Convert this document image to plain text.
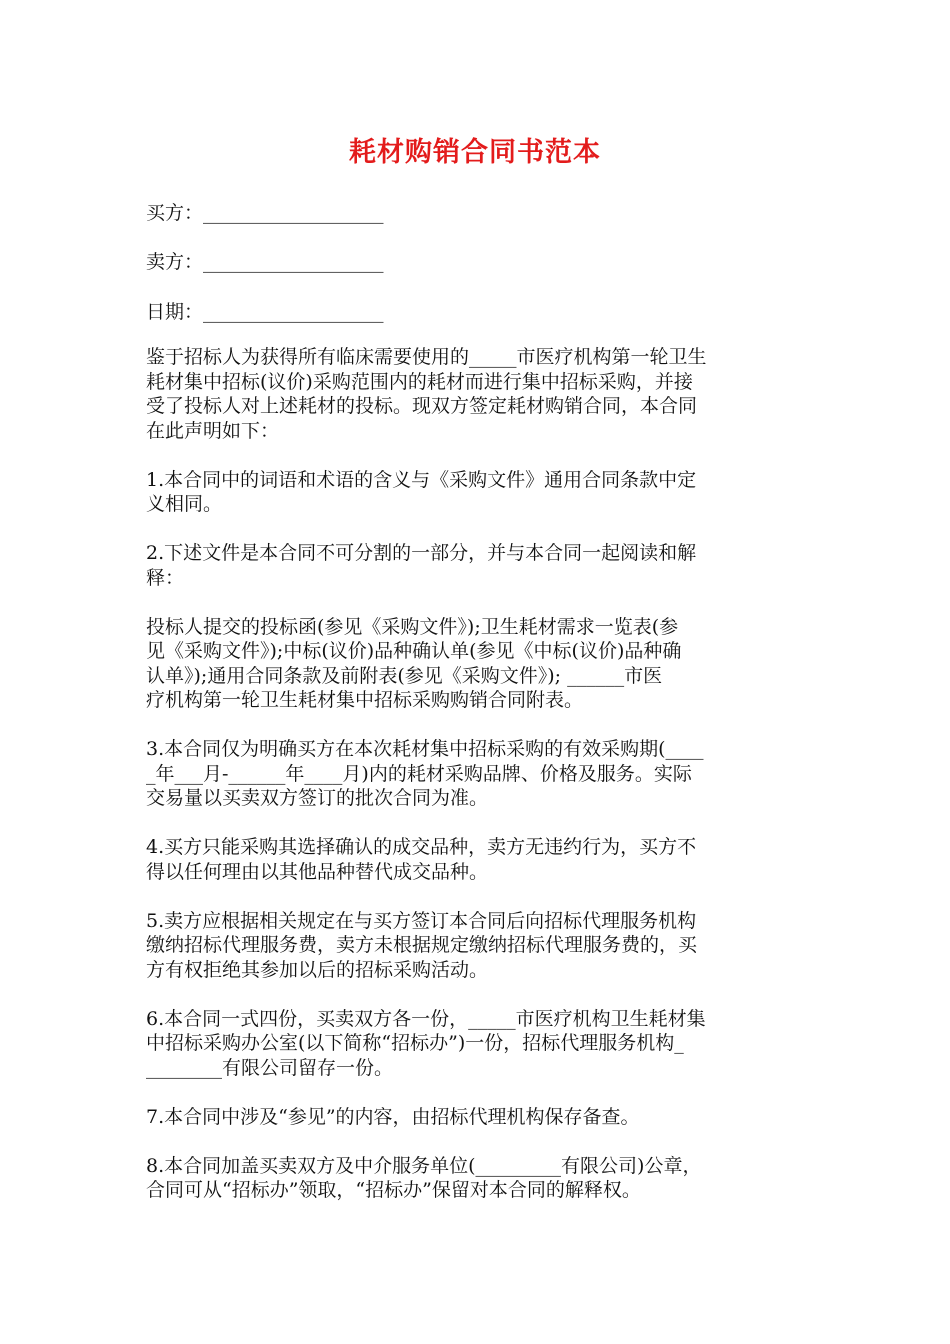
耗材购销合同书范本
买方：___________________
卖方：___________________
日期：___________________

鉴于招标人为获得所有临床需要使用的_____市医疗机构第一轮卫生
耗材集中招标(议价)采购范围内的耗材而进行集中招标采购，并接
受了投标人对上述耗材的投标。现双方签定耗材购销合同，本合同
在此声明如下：

1.本合同中的词语和术语的含义与《采购文件》通用合同条款中定
义相同。

2.下述文件是本合同不可分割的一部分，并与本合同一起阅读和解
释：

投标人提交的投标函(参见《采购文件》);卫生耗材需求一览表(参
见《采购文件》);中标(议价)品种确认单(参见《中标(议价)品种确
认单》);通用合同条款及前附表(参见《采购文件》); ______市医
疗机构第一轮卫生耗材集中招标采购购销合同附表。

3.本合同仅为明确买方在本次耗材集中招标采购的有效采购期(____
_年___月-______年____月)内的耗材采购品牌、价格及服务。实际
交易量以买卖双方签订的批次合同为准。

4.买方只能采购其选择确认的成交品种，卖方无违约行为，买方不
得以任何理由以其他品种替代成交品种。

5.卖方应根据相关规定在与买方签订本合同后向招标代理服务机构
缴纳招标代理服务费，卖方未根据规定缴纳招标代理服务费的，买
方有权拒绝其参加以后的招标采购活动。

6.本合同一式四份，买卖双方各一份，_____市医疗机构卫生耗材集
中招标采购办公室(以下简称“招标办”)一份，招标代理服务机构_
________有限公司留存一份。

7.本合同中涉及“参见”的内容，由招标代理机构保存备查。

8.本合同加盖买卖双方及中介服务单位(_________有限公司)公章，
合同可从“招标办”领取，“招标办”保留对本合同的解释权。
